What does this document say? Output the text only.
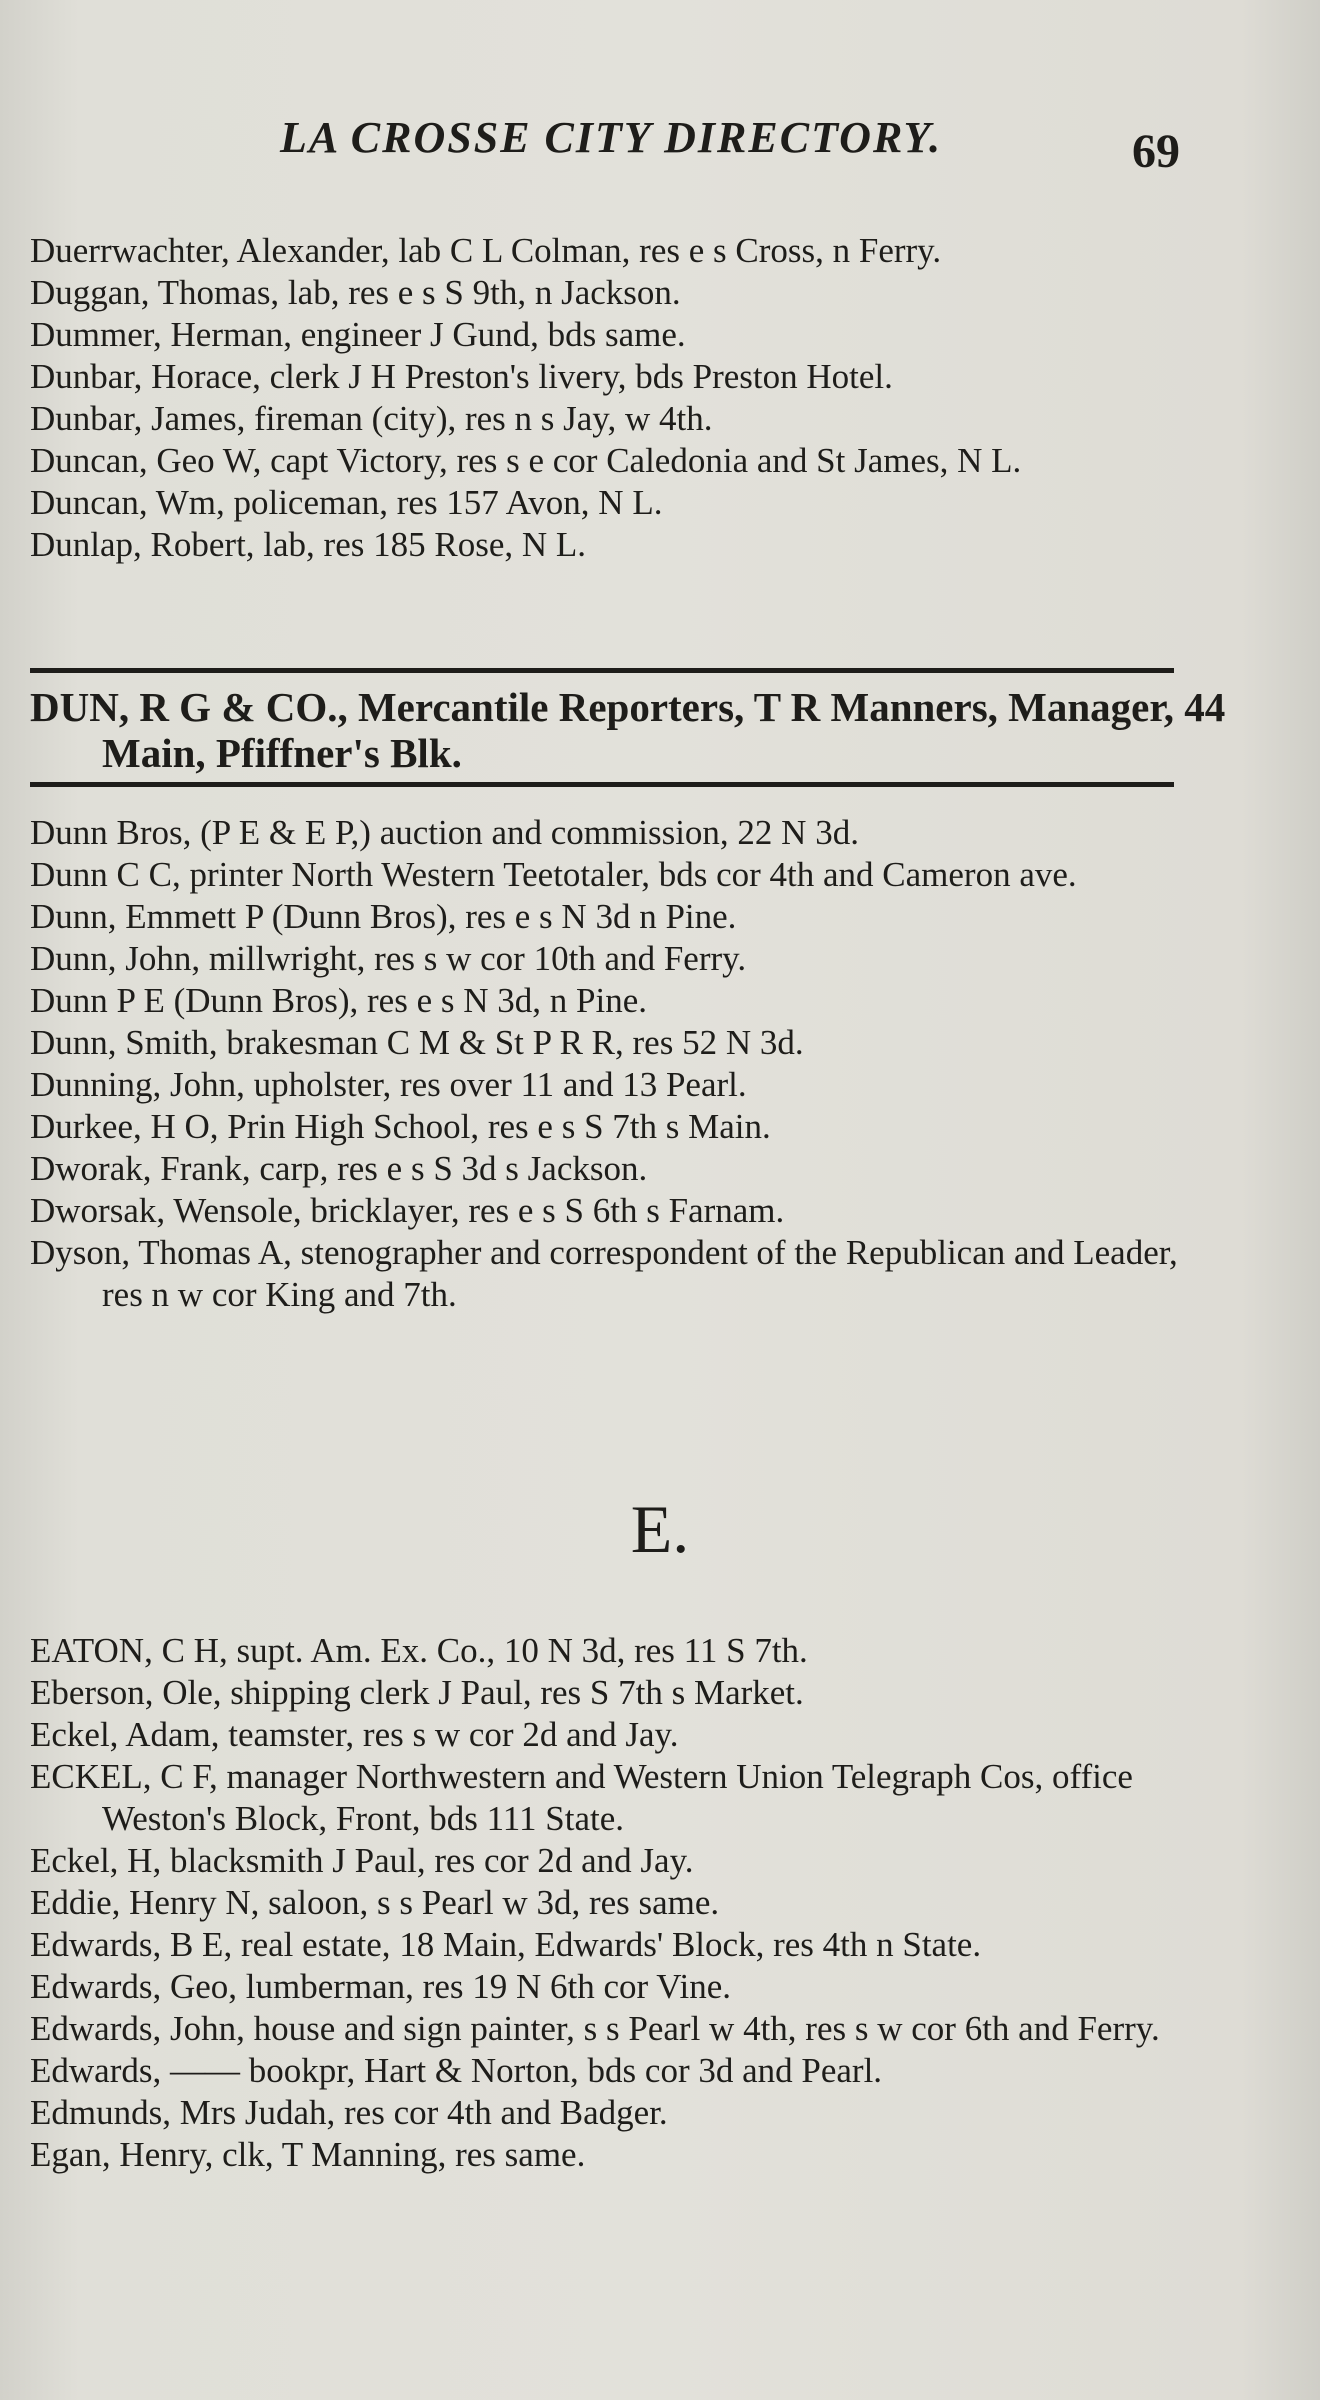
LA CROSSE CITY DIRECTORY.	69
Duerrwachter, Alexander, lab C L Colman, res e s Cross, n Ferry.
Duggan, Thomas, lab, res e s S 9th, n Jackson.
Dummer, Herman, engineer J Gund, bds same.
Dunbar, Horace, clerk J H Preston's livery, bds Preston Hotel.
Dunbar, James, fireman (city), res n s Jay, w 4th.
Duncan, Geo W, capt Victory, res s e cor Caledonia and St James, N L.
Duncan, Wm, policeman, res 157 Avon, N L.
Dunlap, Robert, lab, res 185 Rose, N L.
DUN, R G & CO., Mercantile Reporters, T R Manners, Manager, 44 Main, Pfiffner's Blk.
Dunn Bros, (P E & E P,) auction and commission, 22 N 3d.
Dunn C C, printer North Western Teetotaler, bds cor 4th and Cameron ave.
Dunn, Emmett P (Dunn Bros), res e s N 3d n Pine.
Dunn, John, millwright, res s w cor 10th and Ferry.
Dunn P E (Dunn Bros), res e s N 3d, n Pine.
Dunn, Smith, brakesman C M & St P R R, res 52 N 3d.
Dunning, John, upholster, res over 11 and 13 Pearl.
Durkee, H O, Prin High School, res e s S 7th s Main.
Dworak, Frank, carp, res e s S 3d s Jackson.
Dworsak, Wensole, bricklayer, res e s S 6th s Farnam.
Dyson, Thomas A, stenographer and correspondent of the Republican and Leader, res n w cor King and 7th.
E.
EATON, C H, supt. Am. Ex. Co., 10 N 3d, res 11 S 7th.
Eberson, Ole, shipping clerk J Paul, res S 7th s Market.
Eckel, Adam, teamster, res s w cor 2d and Jay.
ECKEL, C F, manager Northwestern and Western Union Telegraph Cos, office Weston's Block, Front, bds 111 State.
Eckel, H, blacksmith J Paul, res cor 2d and Jay.
Eddie, Henry N, saloon, s s Pearl w 3d, res same.
Edwards, B E, real estate, 18 Main, Edwards' Block, res 4th n State.
Edwards, Geo, lumberman, res 19 N 6th cor Vine.
Edwards, John, house and sign painter, s s Pearl w 4th, res s w cor 6th and Ferry.
Edwards, —— bookpr, Hart & Norton, bds cor 3d and Pearl.
Edmunds, Mrs Judah, res cor 4th and Badger.
Egan, Henry, clk, T Manning, res same.
